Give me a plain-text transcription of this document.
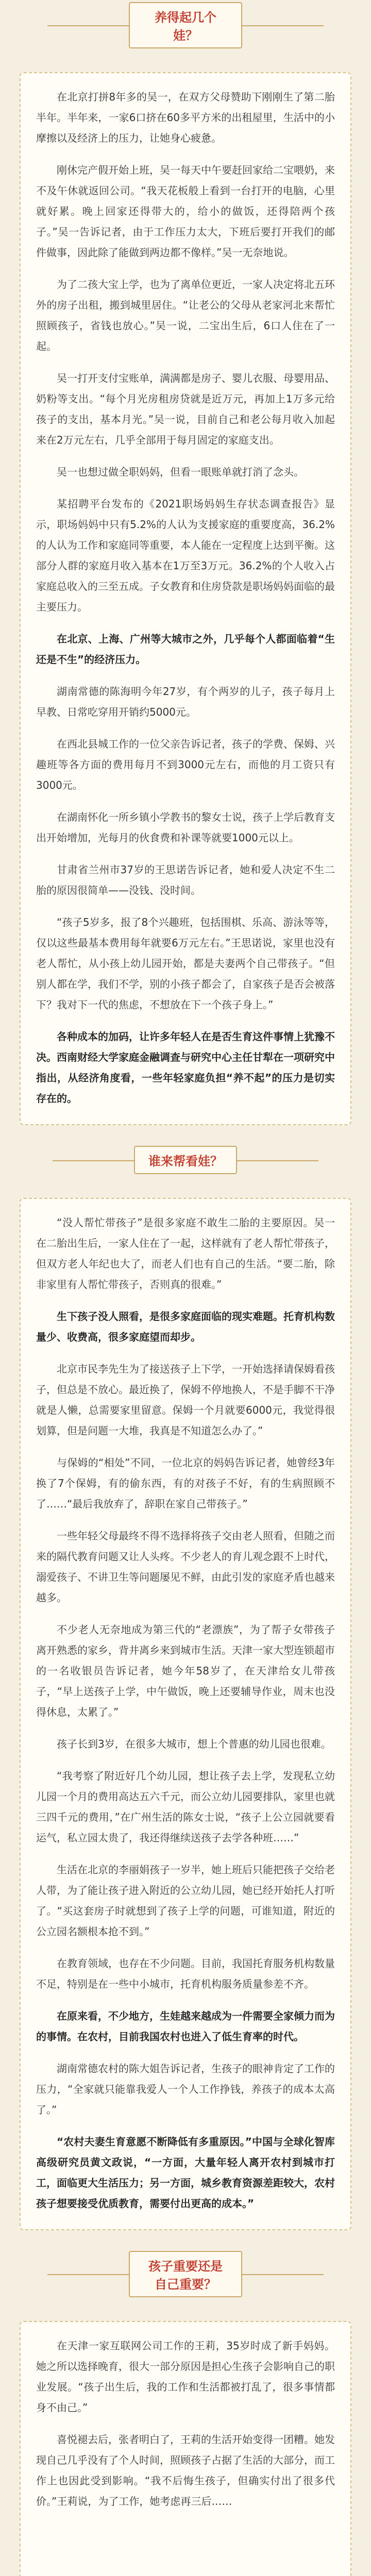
养得起几个娃？

在北京打拼8年多的吴一，在双方父母赞助下刚刚生了第二胎半年。半年来，一家6口挤在60多平方米的出租屋里，生活中的小摩擦以及经济上的压力，让她身心疲惫。

刚休完产假开始上班，吴一每天中午要赶回家给二宝喂奶，来不及午休就返回公司。“我天花板般上看到一台打开的电脑，心里就好累。晚上回家还得带大的，给小的做饭，还得陪两个孩子。”吴一告诉记者，由于工作压力太大，下班后要打开我们的邮件做事，因此除了能做到两边都不像样。”吴一无奈地说。

为了二孩大宝上学，也为了离单位更近，一家人决定将北五环外的房子出租，搬到城里居住。“让老公的父母从老家河北来帮忙照顾孩子，省钱也放心。”吴一说，二宝出生后，6口人住在了一起。

吴一打开支付宝账单，满满都是房子、婴儿衣服、母婴用品、奶粉等支出。“每个月光房租房贷就是近万元，再加上1万多元给孩子的支出，基本月光。”吴一说，目前自己和老公每月收入加起来在2万元左右，几乎全部用于每月固定的家庭支出。

吴一也想过做全职妈妈，但看一眼账单就打消了念头。

某招聘平台发布的《2021职场妈妈生存状态调查报告》显示，职场妈妈中只有5.2%的人认为支援家庭的重要度高，36.2%的人认为工作和家庭同等重要，本人能在一定程度上达到平衡。这部分人群的家庭月收入基本在1万至3万元。36.2%的个人收入占家庭总收入的三至五成。子女教育和住房贷款是职场妈妈面临的最主要压力。

在北京、上海、广州等大城市之外，几乎每个人都面临着“生还是不生”的经济压力。

湖南常德的陈海明今年27岁，有个两岁的儿子，孩子每月上早教、日常吃穿用开销约5000元。

在西北县城工作的一位父亲告诉记者，孩子的学费、保姆、兴趣班等各方面的费用每月不到3000元左右，而他的月工资只有3000元。

在湖南怀化一所乡镇小学教书的黎女士说，孩子上学后教育支出开始增加，光每月的伙食费和补课等就要1000元以上。

甘肃省兰州市37岁的王思诺告诉记者，她和爱人决定不生二胎的原因很简单——没钱、没时间。

“孩子5岁多，报了8个兴趣班，包括围棋、乐高、游泳等等，仅以这些最基本费用每年就要6万元左右。”王思诺说，家里也没有老人帮忙，从小孩上幼儿园开始，都是夫妻两个自己带孩子。“但别人都在学，我们不学，别的小孩子都会了，自家孩子是否会被落下？我对下一代的焦虑，不想放在下一个孩子身上。”

各种成本的加码，让许多年轻人在是否生育这件事情上犹豫不决。西南财经大学家庭金融调查与研究中心主任甘犁在一项研究中指出，从经济角度看，一些年轻家庭负担“养不起”的压力是切实存在的。

谁来帮看娃？

“没人帮忙带孩子”是很多家庭不敢生二胎的主要原因。吴一在二胎出生后，一家人住在了一起，这样就有了老人帮忙带孩子，但双方老人年纪也大了，而老人们也有自己的生活。“要二胎，除非家里有人帮忙带孩子，否则真的很难。”

生下孩子没人照看，是很多家庭面临的现实难题。托育机构数量少、收费高，很多家庭望而却步。

北京市民李先生为了接送孩子上下学，一开始选择请保姆看孩子，但总是不放心。最近换了，保姆不停地换人，不是手脚不干净就是人懒，总需要家里留意。保姆一个月就要6000元，我觉得很划算，但是问题一大堆，我真是不知道怎么办了。”

与保姆的“相处”不同，一位北京的妈妈告诉记者，她曾经3年换了7个保姆，有的偷东西，有的对孩子不好，有的生病照顾不了……“最后我放弃了，辞职在家自己带孩子。”

一些年轻父母最终不得不选择将孩子交由老人照看，但随之而来的隔代教育问题又让人头疼。不少老人的育儿观念跟不上时代，溺爱孩子、不讲卫生等问题屡见不鲜，由此引发的家庭矛盾也越来越多。

不少老人无奈地成为第三代的“老漂族”，为了帮子女带孩子离开熟悉的家乡，背井离乡来到城市生活。天津一家大型连锁超市的一名收银员告诉记者，她今年58岁了，在天津给女儿带孩子，“早上送孩子上学，中午做饭，晚上还要辅导作业，周末也没得休息，太累了。”

孩子长到3岁，在很多大城市，想上个普惠的幼儿园也很难。

“我考察了附近好几个幼儿园，想让孩子去上学，发现私立幼儿园一个月的费用高达五六千元，而公立幼儿园要排队，家里也就三四千元的费用，”在广州生活的陈女士说，“孩子上公立园就要看运气，私立园太贵了，我还得继续送孩子去学各种班……”

生活在北京的李丽娟孩子一岁半，她上班后只能把孩子交给老人带，为了能让孩子进入附近的公立幼儿园，她已经开始托人打听了。“买这套房子时就想到了孩子上学的问题，可谁知道，附近的公立园名额根本抢不到。”

在教育领域，也存在不少问题。目前，我国托育服务机构数量不足，特别是在一些中小城市，托育机构服务质量参差不齐。

在原来看，不少地方，生娃越来越成为一件需要全家倾力而为的事情。在农村，目前我国农村也进入了低生育率的时代。

湖南常德农村的陈大姐告诉记者，生孩子的眼神肯定了工作的压力，“全家就只能靠我爱人一个人工作挣钱，养孩子的成本太高了。”

“农村夫妻生育意愿不断降低有多重原因。”中国与全球化智库高级研究员黄文政说，“一方面，大量年轻人离开农村到城市打工，面临更大生活压力；另一方面，城乡教育资源差距较大，农村孩子想要接受优质教育，需要付出更高的成本。”

孩子重要还是自己重要？

在天津一家互联网公司工作的王莉，35岁时成了新手妈妈。她之所以选择晚育，很大一部分原因是担心生孩子会影响自己的职业发展。“孩子出生后，我的工作和生活都被打乱了，很多事情都身不由己。”

喜悦褪去后，张者明白了，王莉的生活开始变得一团糟。她发现自己几乎没有了个人时间，照顾孩子占据了生活的大部分，而工作上也因此受到影响。“我不后悔生孩子，但确实付出了很多代价。”王莉说，为了工作，她考虑再三后……
